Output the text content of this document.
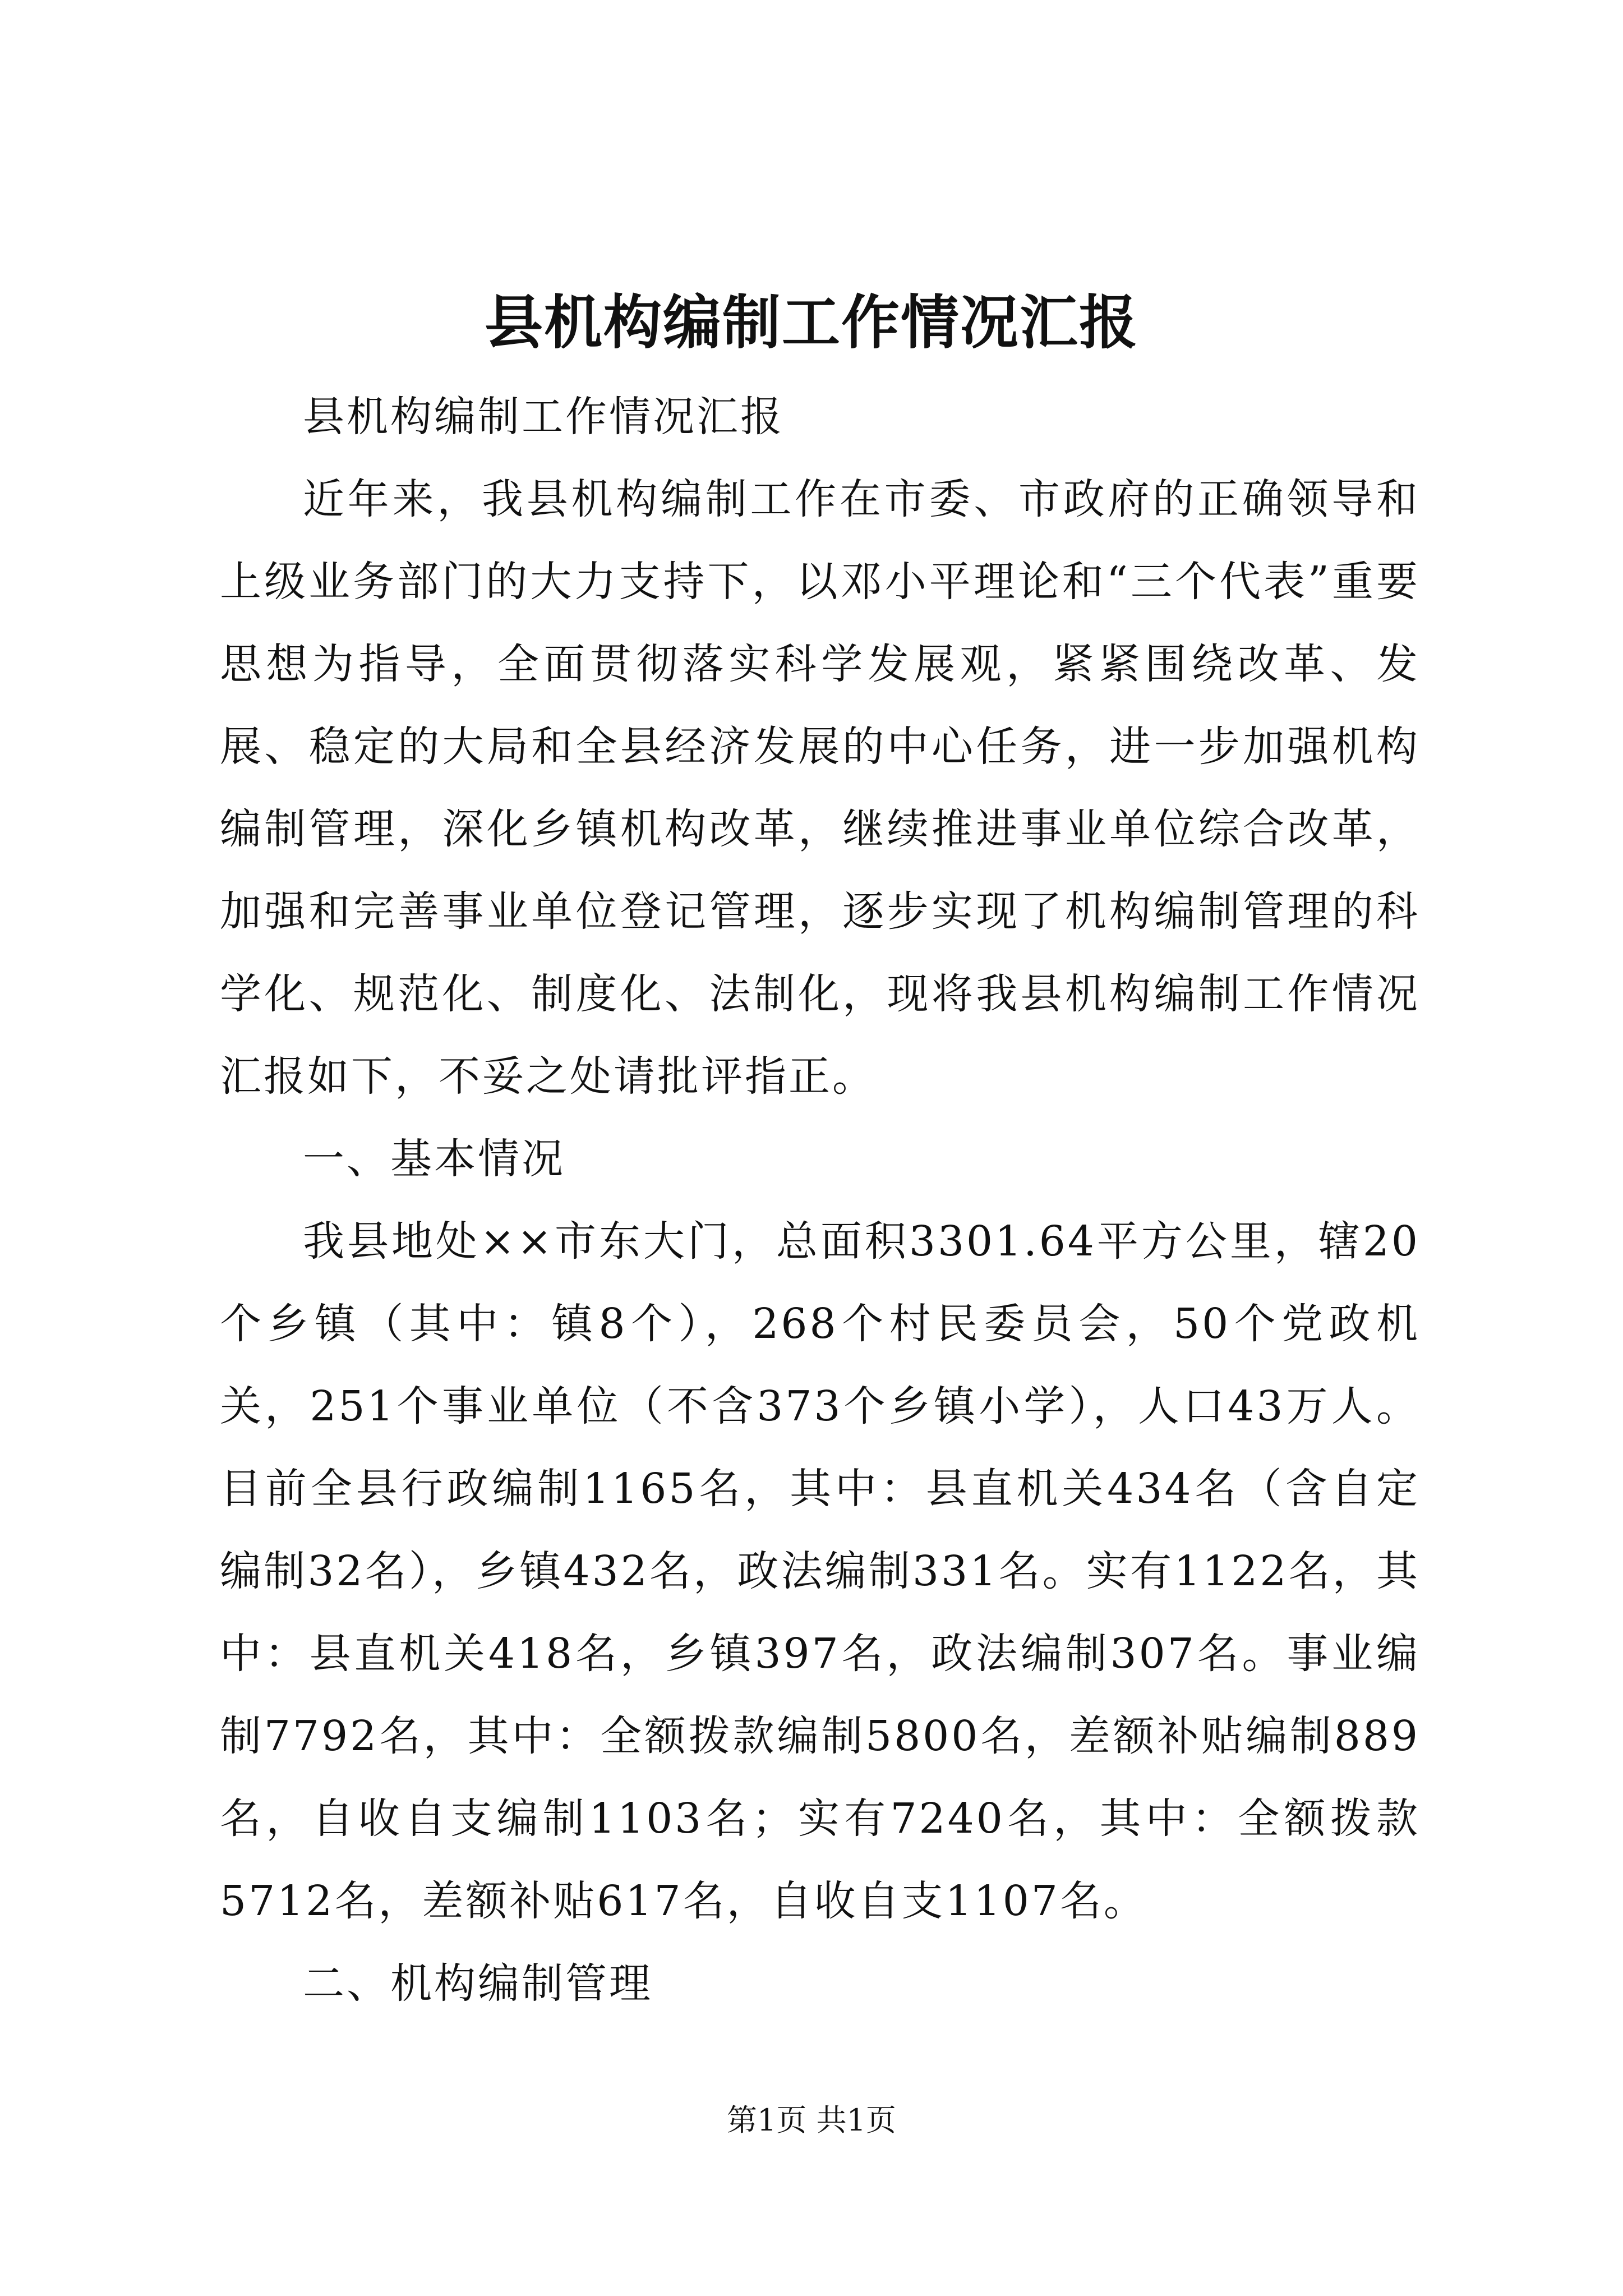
县机构编制工作情况汇报

县机构编制工作情况汇报

近年来，我县机构编制工作在市委、市政府的正确领导和上级业务部门的大力支持下，以邓小平理论和“三个代表”重要思想为指导，全面贯彻落实科学发展观，紧紧围绕改革、发展、稳定的大局和全县经济发展的中心任务，进一步加强机构编制管理，深化乡镇机构改革，继续推进事业单位综合改革，加强和完善事业单位登记管理，逐步实现了机构编制管理的科学化、规范化、制度化、法制化，现将我县机构编制工作情况汇报如下，不妥之处请批评指正。

一、基本情况

我县地处××市东大门，总面积3301.64平方公里，辖20个乡镇（其中：镇8个），268个村民委员会，50个党政机关，251个事业单位（不含373个乡镇小学），人口43万人。目前全县行政编制1165名，其中：县直机关434名（含自定编制32名），乡镇432名，政法编制331名。实有1122名，其中：县直机关418名，乡镇397名，政法编制307名。事业编制7792名，其中：全额拨款编制5800名，差额补贴编制889名，自收自支编制1103名；实有7240名，其中：全额拨款5712名，差额补贴617名，自收自支1107名。

二、机构编制管理

第1页 共1页
